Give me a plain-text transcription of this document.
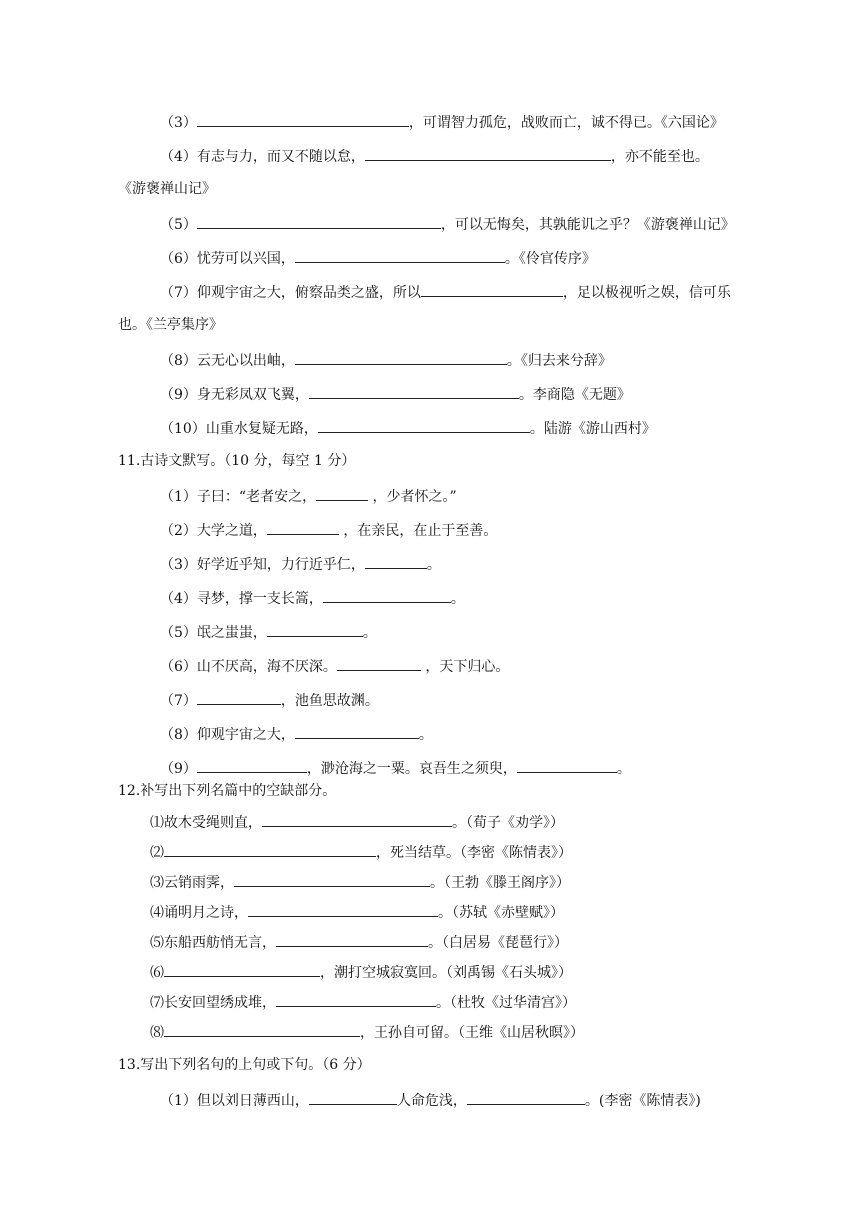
（3）	，可谓智力孤危，战败而亡，诚不得已。《六国论》
（4）有志与力，而又不随以怠，	，亦不能至也。
《游褒禅山记》
（5）	，可以无悔矣，其孰能讥之乎？《游褒禅山记》
（6）忧劳可以兴国，	。《伶官传序》
（7）仰观宇宙之大，俯察品类之盛，所以	，足以极视听之娱，信可乐
也。《兰亭集序》
（8）云无心以出岫，	。《归去来兮辞》
（9）身无彩凤双飞翼，	。李商隐《无题》
（10）山重水复疑无路，	。陆游《游山西村》
11.古诗文默写。（10 分，每空 1 分）
（1）子曰：“老者安之，	，少者怀之。”
（2）大学之道，	，在亲民，在止于至善。
（3）好学近乎知，力行近乎仁，	。
（4）寻梦，撑一支长篙，	。
（5）氓之蚩蚩，	。
（6）山不厌高，海不厌深。	，天下归心。
（7）	，池鱼思故渊。
（8）仰观宇宙之大，	。
（9）	，渺沧海之一粟。哀吾生之须臾，	。
12.补写出下列名篇中的空缺部分。
⑴故木受绳则直，	。（荀子《劝学》）
⑵	，死当结草。（李密《陈情表》）
⑶云销雨霁，	。（王勃《滕王阁序》）
⑷诵明月之诗，	。（苏轼《赤壁赋》）
⑸东船西舫悄无言，	。（白居易《琵琶行》）
⑹	，潮打空城寂寞回。（刘禹锡《石头城》）
⑺长安回望绣成堆，	。（杜牧《过华清宫》）
⑻	，王孙自可留。（王维《山居秋暝》）
13.写出下列名句的上句或下句。（6 分）
（1）但以刘日薄西山，	人命危浅，	。(李密《陈情表》)
